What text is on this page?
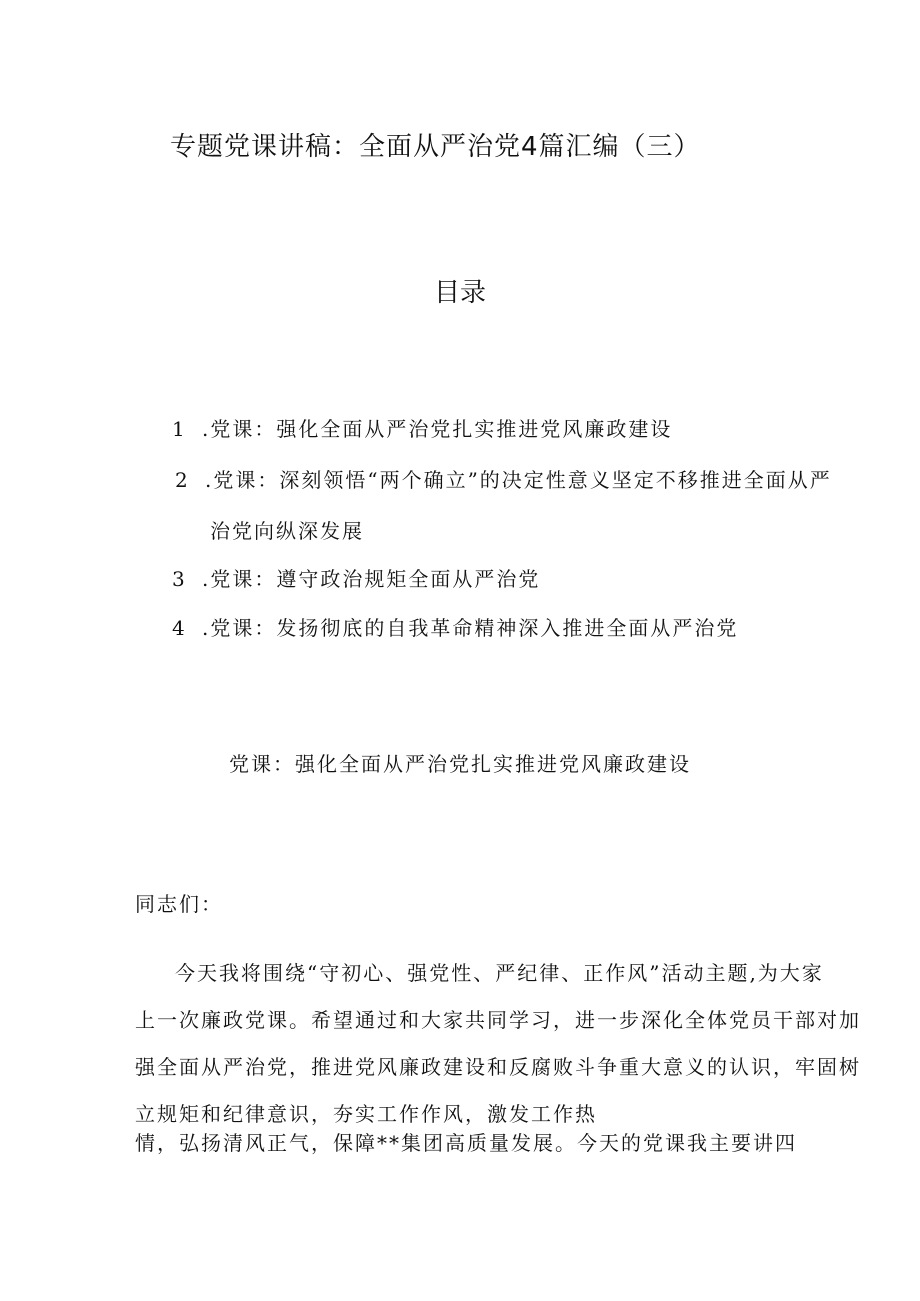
专题党课讲稿：全面从严治党4篇汇编（三）
目录
1 .党课：强化全面从严治党扎实推进党风廉政建设
2 .党课：深刻领悟“两个确立”的决定性意义坚定不移推进全面从严
治党向纵深发展
3 .党课：遵守政治规矩全面从严治党
4 .党课：发扬彻底的自我革命精神深入推进全面从严治党
党课：强化全面从严治党扎实推进党风廉政建设
同志们：
今天我将围绕“守初心、强党性、严纪律、正作风”活动主题,为大家
上一次廉政党课。希望通过和大家共同学习，进一步深化全体党员干部对加
强全面从严治党，推进党风廉政建设和反腐败斗争重大意义的认识，牢固树
立规矩和纪律意识，夯实工作作风，激发工作热
情，弘扬清风正气，保障**集团高质量发展。今天的党课我主要讲四
